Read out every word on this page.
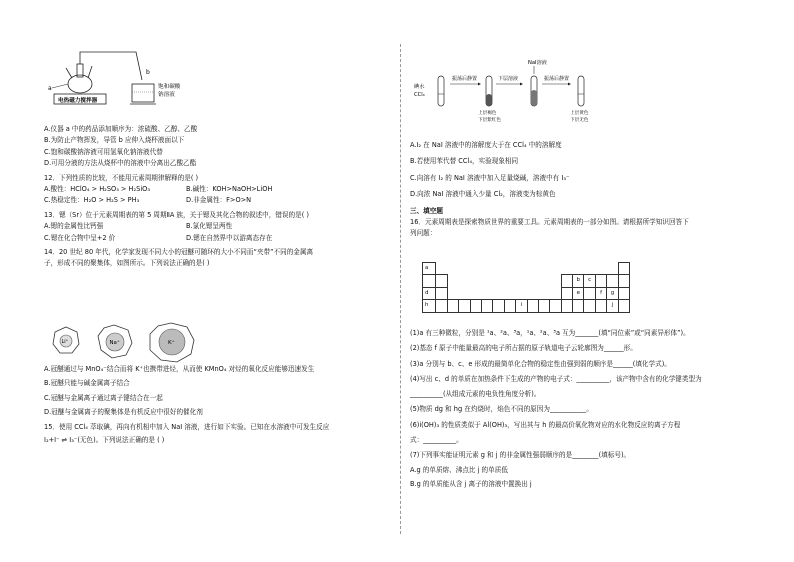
电热磁力搅拌器
a
b
饱和碳酸
钠溶液
A.仪器 a 中的药品添加顺序为：浓硫酸、乙醇、乙酸
B.为防止产物挥发，导管 b 应伸入烧杯液面以下
C.饱和碳酸钠溶液可用氢氧化钠溶液代替
D.可用分液的方法从烧杯中的溶液中分离出乙酸乙酯
12．下列性质的比较，不能用元素周期律解释的是( )
A.酸性：HClO₄ > H₂SO₃ > H₂SiO₃	B.碱性：KOH>NaOH>LiOH
C.热稳定性：H₂O > H₂S > PH₃	D.非金属性：F>O>N
13．锶（Sr）位于元素周期表的第 5 周期ⅡA 族，关于锶及其化合物的叙述中，错误的是( )
A.锶的金属性比钙强	B.氯化锶呈两性
C.锶在化合物中呈+2 价	D.锶在自然界中以游离态存在
14．20 世纪 80 年代，化学家发现不同大小的冠醚可随环的大小不同而“夹带”不同的金属离
子，形成不同的聚集体，如图所示。下列说法正确的是( )
Li⁺	Na⁺	K⁺
A.冠醚通过与 MnO₄⁻结合而将 K⁺也携带进烃，从而使 KMnO₄ 对烃的氧化反应能够迅速发生
B.冠醚只能与碱金属离子结合
C.冠醚与金属离子通过离子键结合在一起
D.冠醚与金属离子的聚集体是有机反应中很好的催化剂
15．使用 CCl₄ 萃取碘，再向有机相中加入 NaI 溶液，进行如下实验。已知在水溶液中可发生反应
I₂+I⁻ ⇌ I₃⁻(无色)。下列说法正确的是 ( )
NaI溶液
碘水
CCl₄
振荡后静置
上层褐色
下层紫红色
下层溶液	振荡后静置
上层黄色
下层无色
A.I₂ 在 NaI 溶液中的溶解度大于在 CCl₄ 中的溶解度
B.若使用苯代替 CCl₄，实验现象相同
C.向溶有 I₂ 的 NaI 溶液中加入足量烧碱，溶液中有 I₃⁻
D.向浓 NaI 溶液中通入少量 Cl₂，溶液变为棕黄色
三、填空题
16．元素周期表是探索物质世界的重要工具。元素周期表的一部分如图。请根据所学知识回答下
列问题：
a																	
													b	c			
d													e		f	g	
h								i								j	
(1)a 有三种微粒，分别是 ¹a、²a、³a，¹a、²a、³a 互为_______(填“同位素”或“同素异形体”)。
(2)基态 f 原子中能量最高的电子所占据的原子轨道电子云轮廓图为______形。
(3)a 分别与 b、c、e 形成的最简单化合物的稳定性由强到弱的顺序是______(填化学式)。
(4)写出 c、d 的单质在加热条件下生成的产物的电子式：__________，该产物中含有的化学键类型为
__________(从组成元素的电负性角度分析)。
(5)物质 dg 和 hg 在灼烧时，焰色不同的原因为___________。
(6)i(OH)₃ 的性质类似于 Al(OH)₃，写出其与 h 的最高价氧化物对应的水化物反应的离子方程
式：__________。
(7)下列事实能证明元素 g 和 j 的非金属性强弱顺序的是________(填标号)。
A.g 的单质熔、沸点比 j 的单质低
B.g 的单质能从含 j 离子的溶液中置换出 j
